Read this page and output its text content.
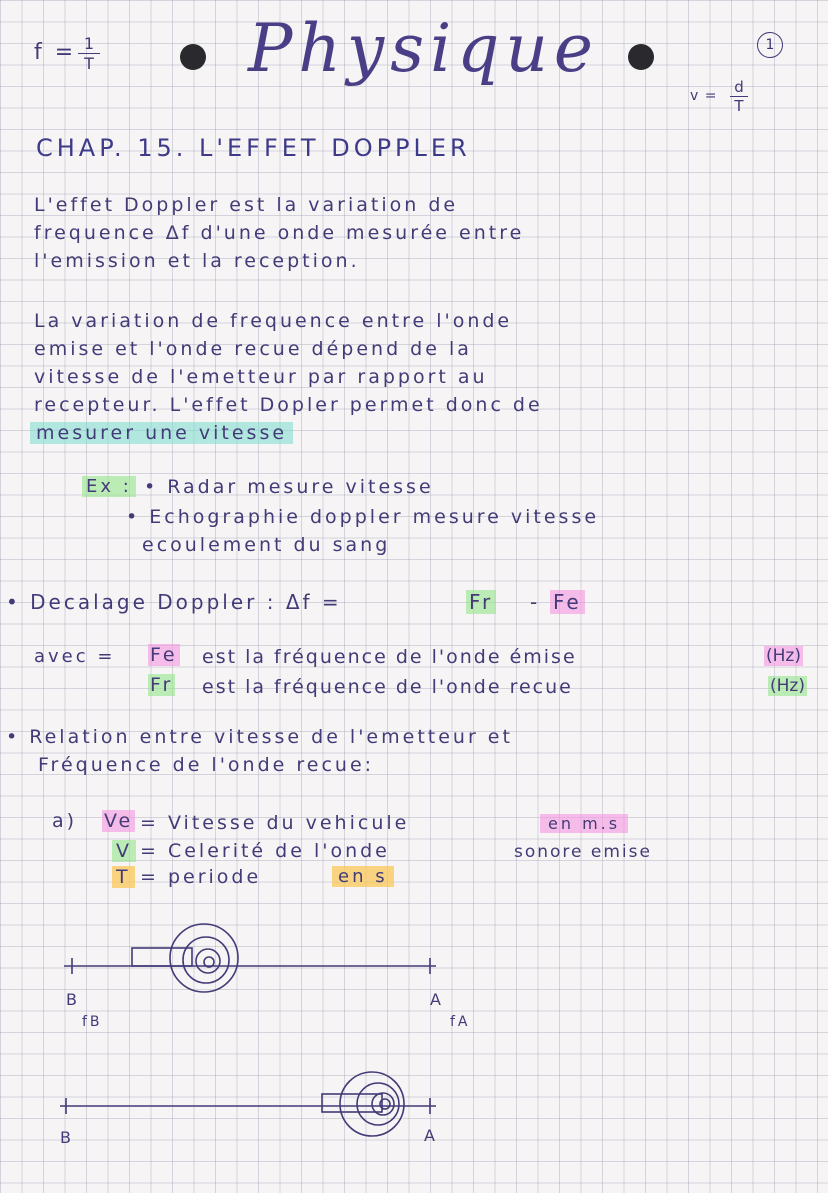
$f = \frac{1}{T}$ Physique	1
$v = \frac{d}{T}$
CHAP. 15. L'EFFET DOPPLER
L'effet Doppler est la variation de
frequence Δf d'une onde mesurée entre
l'emission et la reception.
La variation de frequence entre l'onde
emise et l'onde recue dépend de la
vitesse de l'emetteur par rapport au
recepteur. L'effet Dopler permet donc de
mesurer une vitesse
Ex : • Radar mesure vitesse
• Echographie doppler mesure vitesse
ecoulement du sang
• Decalage Doppler : Δf =	Fr - Fe
avec = Fe est la fréquence de l'onde émise	(Hz)
Fr est la fréquence de l'onde recue	(Hz)
• Relation entre vitesse de l'emetteur et
Fréquence de l'onde recue:
a) Ve = Vitesse du vehicule	en m.s
V = Celerité de l'onde	sonore emise
T = periode	en s
B
fB
A
fA
B	A
